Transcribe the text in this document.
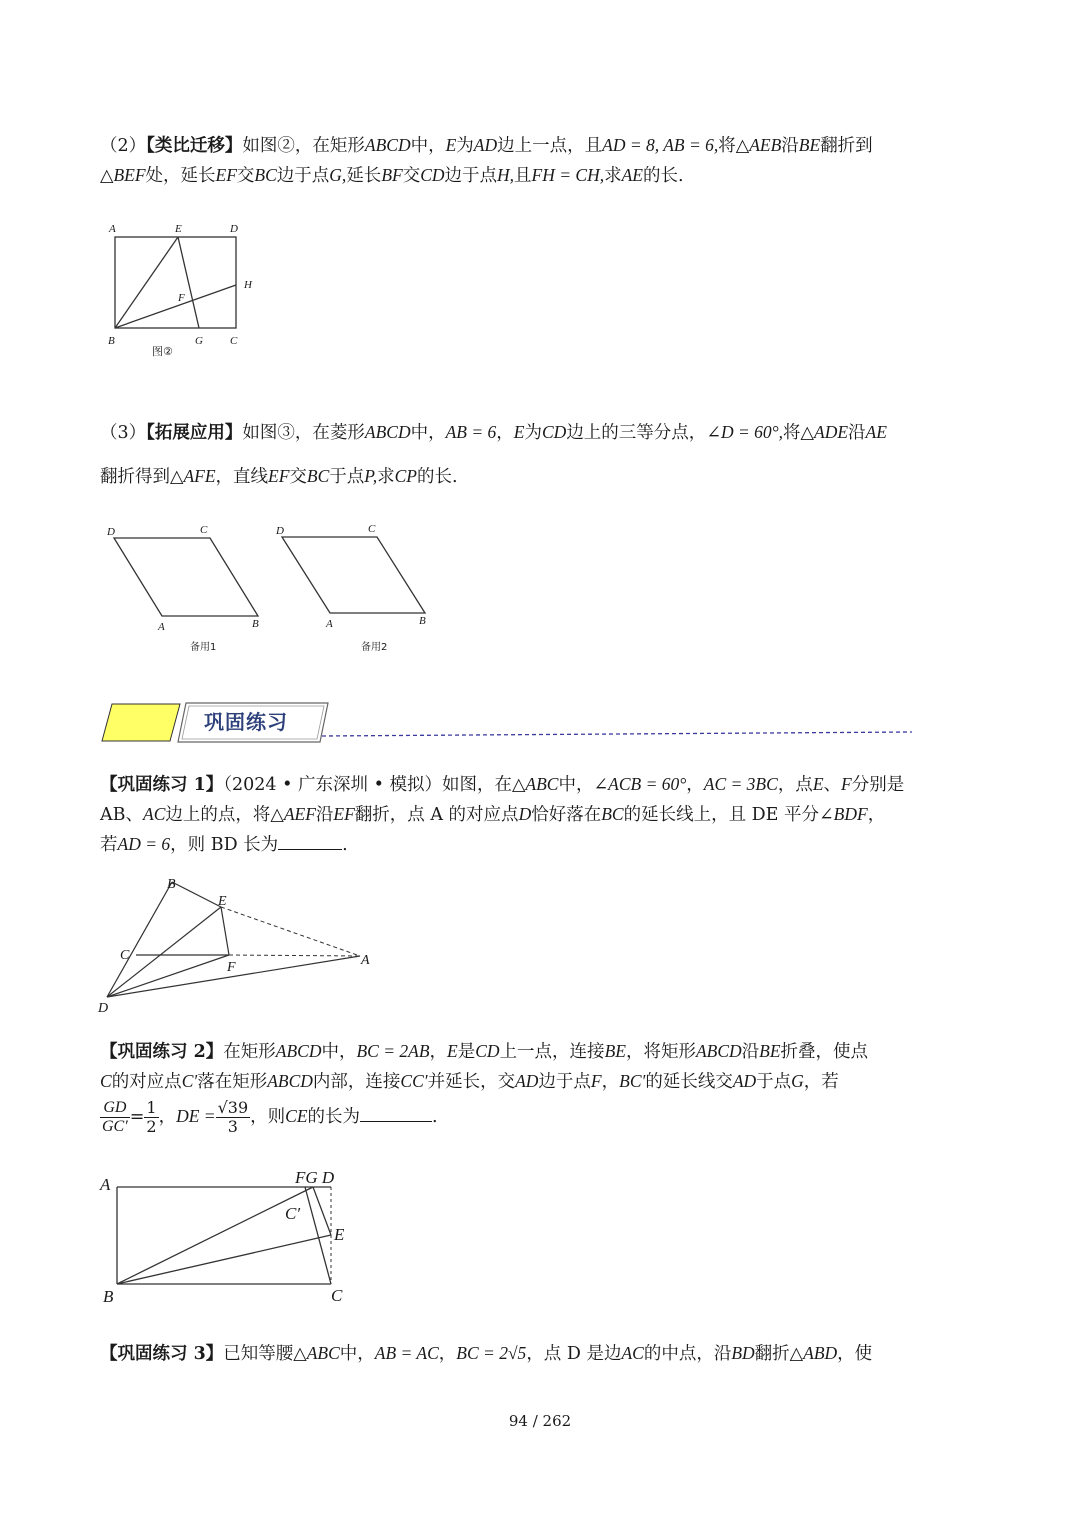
（2）【类比迁移】如图②，在矩形ABCD中，E为AD边上一点，且AD = 8, AB = 6,将△AEB沿BE翻折到
△BEF处，延长EF交BC边于点G,延长BF交CD边于点H,且FH = CH,求AE的长.
A	E	D
H
F
B	G C
图②
（3）【拓展应用】如图③，在菱形ABCD中，AB = 6，E为CD边上的三等分点，∠D = 60°,将△ADE沿AE
翻折得到△AFE，直线EF交BC于点P,求CP的长.
D	C
A	B
备用1
D	C
A	B
备用2
巩固练习
【巩固练习 1】（2024 • 广东深圳 • 模拟）如图，在△ABC中，∠ACB = 60°，AC = 3BC，点E、F分别是
AB、AC边上的点，将△AEF沿EF翻折，点 A 的对应点D恰好落在BC的延长线上，且 DE 平分∠BDF，
若AD = 6，则 BD 长为	.
B
E
C
F	A
D
【巩固练习 2】在矩形ABCD中，BC = 2AB，E是CD上一点，连接BE，将矩形ABCD沿BE折叠，使点
C的对应点C′落在矩形ABCD内部，连接CC′并延长，交AD边于点F，BC′的延长线交AD于点G，若
$\frac{GD}{GC'} = \frac{1}{2}$ ，DE = $\frac{√39}{3}$ ，则CE的长为	.
A	FG D
C′
E
B	C
【巩固练习 3】已知等腰△ABC中，AB = AC，BC = 2√5，点 D 是边AC的中点，沿BD翻折△ABD，使
94 / 262
